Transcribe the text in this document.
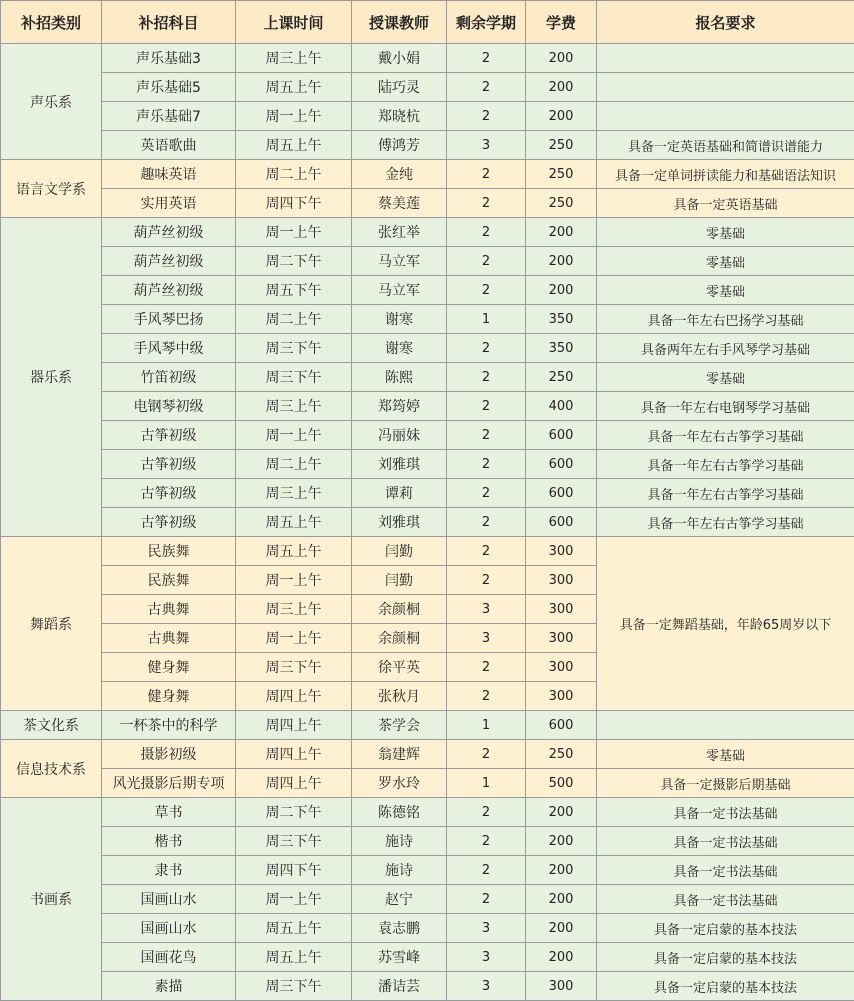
补招类别	补招科目	上课时间	授课教师	剩余学期	学费	报名要求
声乐系	声乐基础3	周三上午	戴小娟	2	200	
	声乐基础5	周五上午	陆巧灵	2	200	
	声乐基础7	周一上午	郑晓杭	2	200	
	英语歌曲	周五上午	傅鸿芳	3	250	具备一定英语基础和简谱识谱能力
语言文学系	趣味英语	周二上午	金纯	2	250	具备一定单词拼读能力和基础语法知识
	实用英语	周四下午	蔡美莲	2	250	具备一定英语基础
器乐系	葫芦丝初级	周一上午	张红举	2	200	零基础
	葫芦丝初级	周二下午	马立军	2	200	零基础
	葫芦丝初级	周五下午	马立军	2	200	零基础
	手风琴巴扬	周二上午	谢寒	1	350	具备一年左右巴扬学习基础
	手风琴中级	周三下午	谢寒	2	350	具备两年左右手风琴学习基础
	竹笛初级	周三下午	陈熙	2	250	零基础
	电钢琴初级	周三上午	郑筠婷	2	400	具备一年左右电钢琴学习基础
	古筝初级	周一上午	冯丽妹	2	600	具备一年左右古筝学习基础
	古筝初级	周二上午	刘雅琪	2	600	具备一年左右古筝学习基础
	古筝初级	周三上午	谭莉	2	600	具备一年左右古筝学习基础
	古筝初级	周五上午	刘雅琪	2	600	具备一年左右古筝学习基础
舞蹈系	民族舞	周五上午	闫勤	2	300	具备一定舞蹈基础，年龄65周岁以下
	民族舞	周一上午	闫勤	2	300	
	古典舞	周三上午	余颜桐	3	300	
	古典舞	周一上午	余颜桐	3	300	
	健身舞	周三下午	徐平英	2	300	
	健身舞	周四上午	张秋月	2	300	
茶文化系	一杯茶中的科学	周四上午	茶学会	1	600	
信息技术系	摄影初级	周四上午	翁建辉	2	250	零基础
	风光摄影后期专项	周四上午	罗水玲	1	500	具备一定摄影后期基础
书画系	草书	周二下午	陈德铭	2	200	具备一定书法基础
	楷书	周三下午	施诗	2	200	具备一定书法基础
	隶书	周四下午	施诗	2	200	具备一定书法基础
	国画山水	周一上午	赵宁	2	200	具备一定书法基础
	国画山水	周五上午	袁志鹏	3	200	具备一定启蒙的基本技法
	国画花鸟	周五上午	苏雪峰	3	200	具备一定启蒙的基本技法
	素描	周三下午	潘诘芸	3	300	具备一定启蒙的基本技法
